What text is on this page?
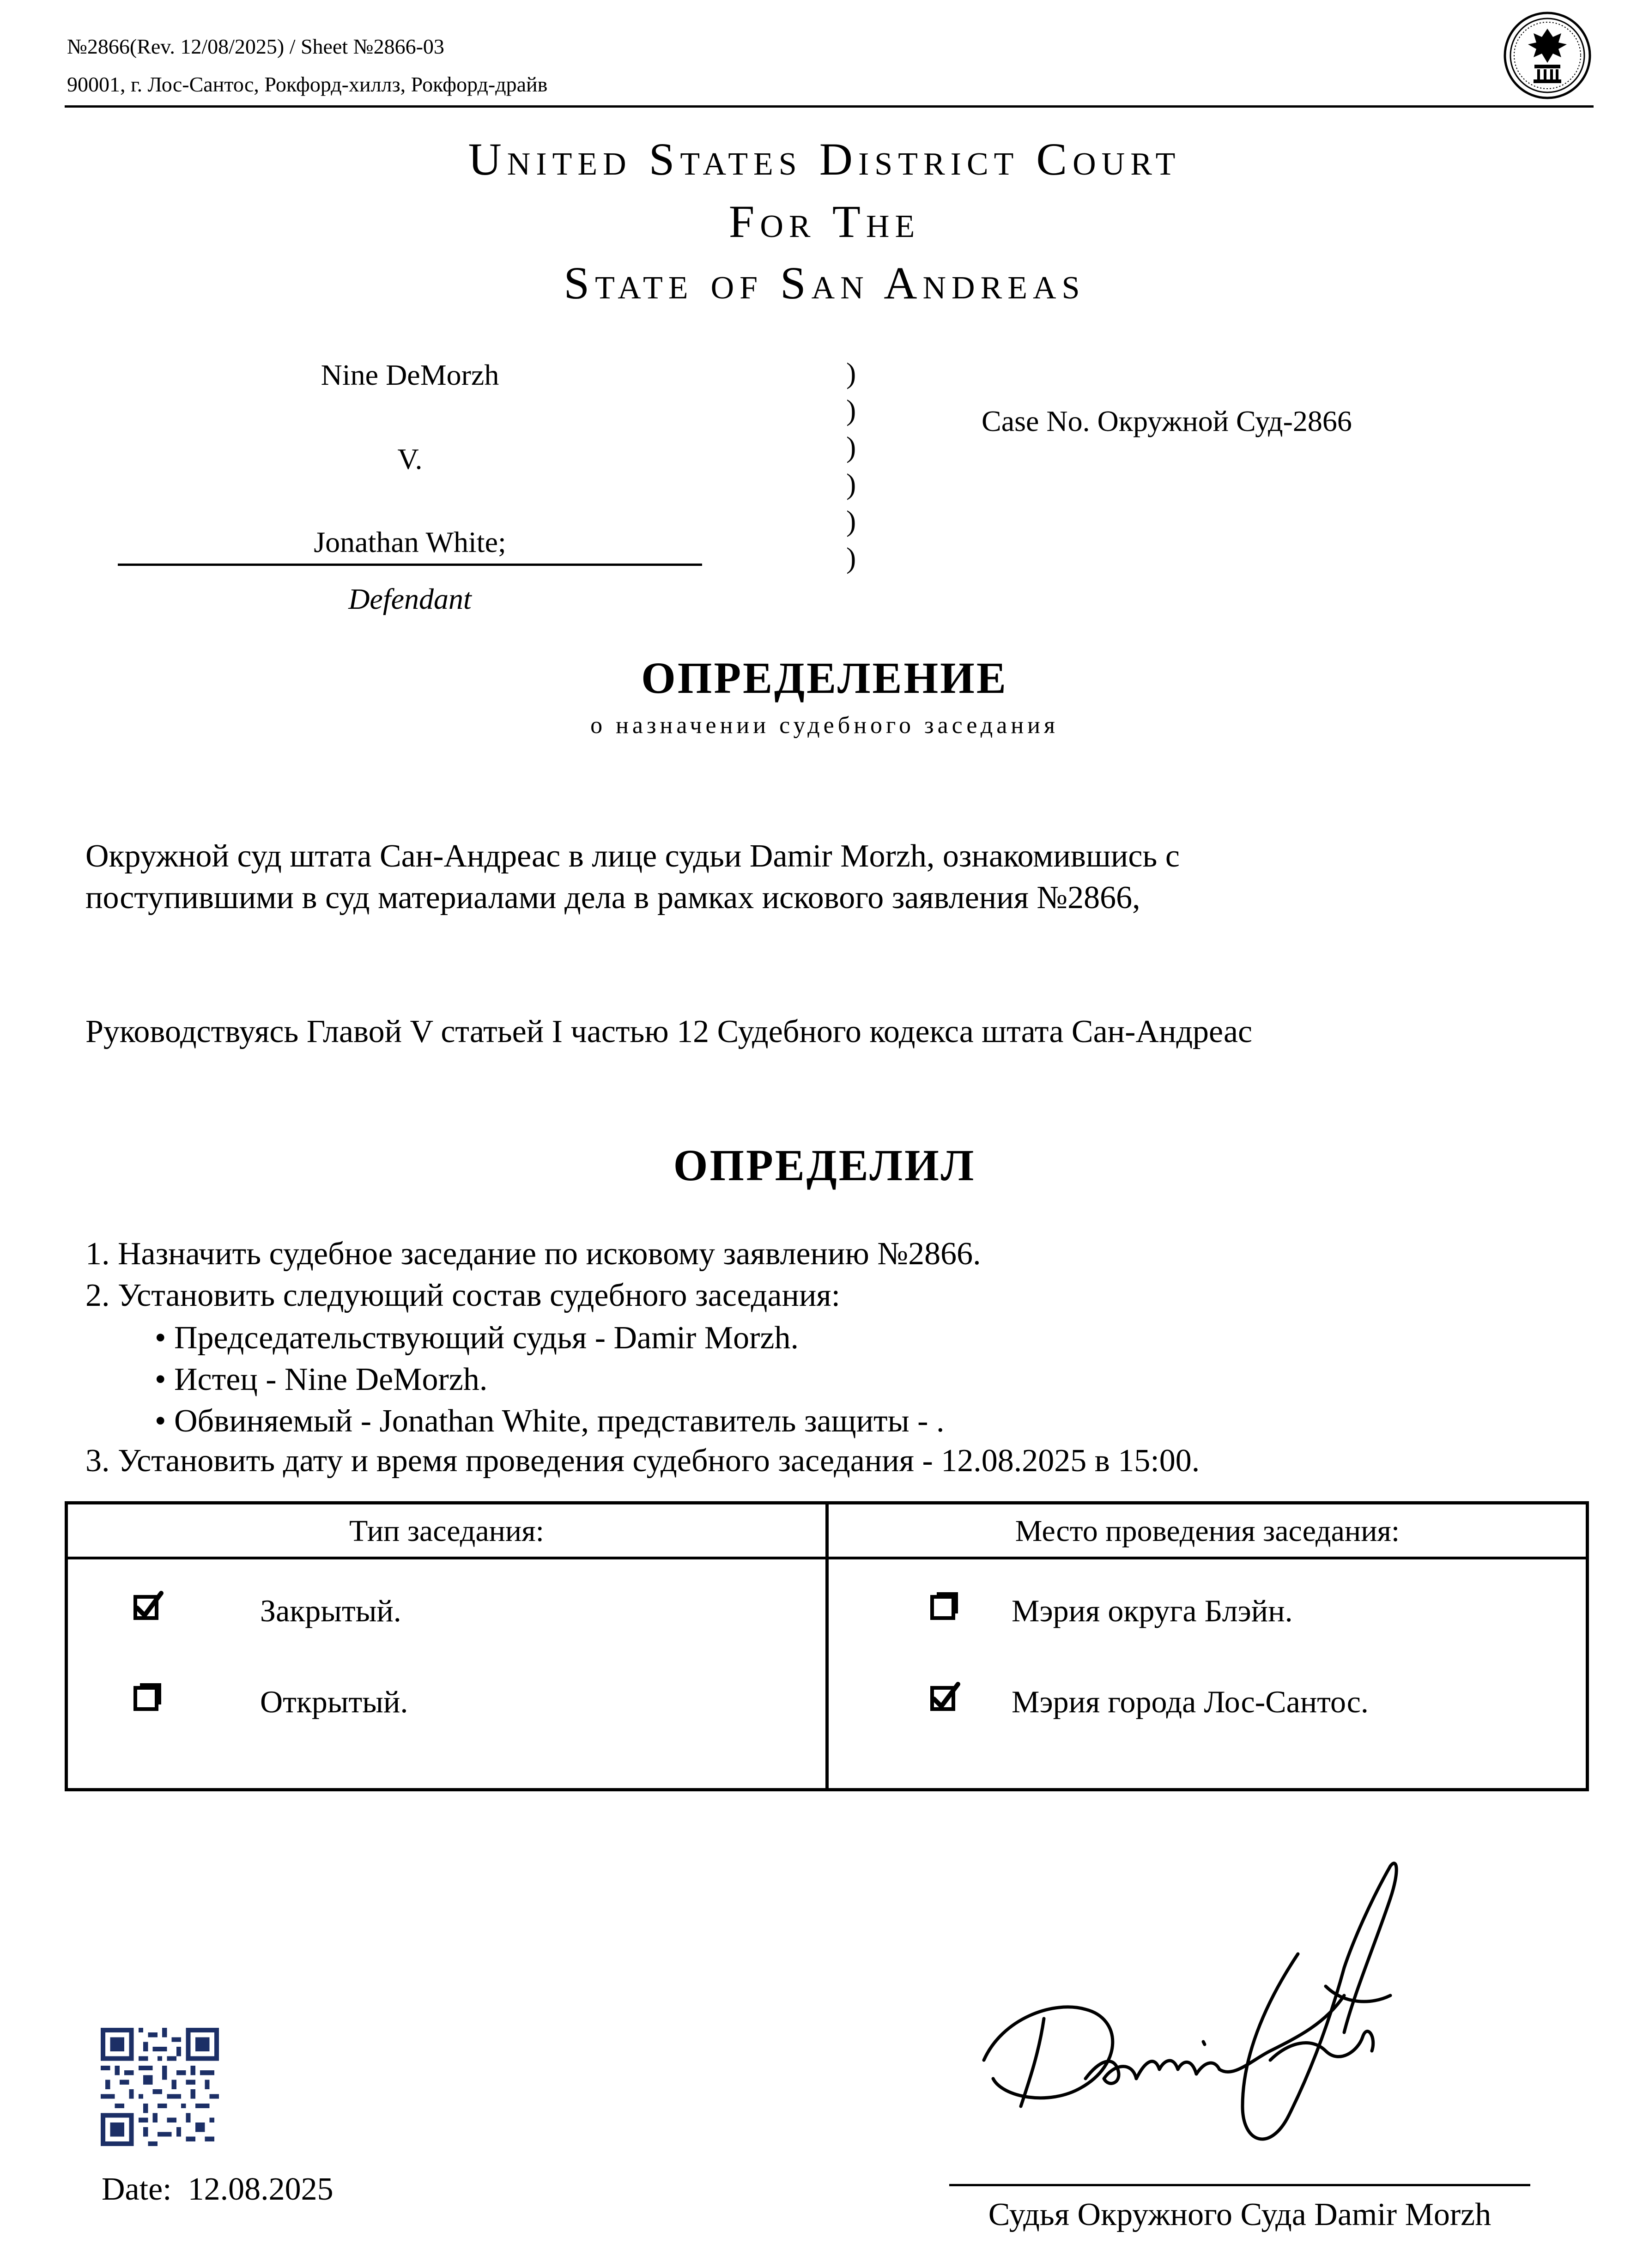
№2866(Rev. 12/08/2025) / Sheet №2866-03
90001, г. Лос-Сантос, Рокфорд-хиллз, Рокфорд-драйв
United States District Court
For The
State of San Andreas
Nine DeMorzh
V.
Jonathan White;
Defendant
)
)
)
)
)
)
Case No. Окружной Суд-2866
ОПРЕДЕЛЕНИЕ
о назначении судебного заседания
Окружной суд штата Сан-Андреас в лице судьи Damir Morzh, ознакомившись с
поступившими в суд материалами дела в рамках искового заявления №2866,
Руководствуясь Главой V статьей I частью 12 Судебного кодекса штата Сан-Андреас
ОПРЕДЕЛИЛ
1. Назначить судебное заседание по исковому заявлению №2866.
2. Установить следующий состав судебного заседания:
• Председательствующий судья - Damir Morzh.
• Истец - Nine DeMorzh.
• Обвиняемый - Jonathan White, представитель защиты - .
3. Установить дату и время проведения судебного заседания - 12.08.2025 в 15:00.
Тип заседания:	Место проведения заседания:
Закрытый.
Открытый.
Мэрия округа Блэйн.
Мэрия города Лос-Сантос.
Date: 12.08.2025
Судья Окружного Суда Damir Morzh
